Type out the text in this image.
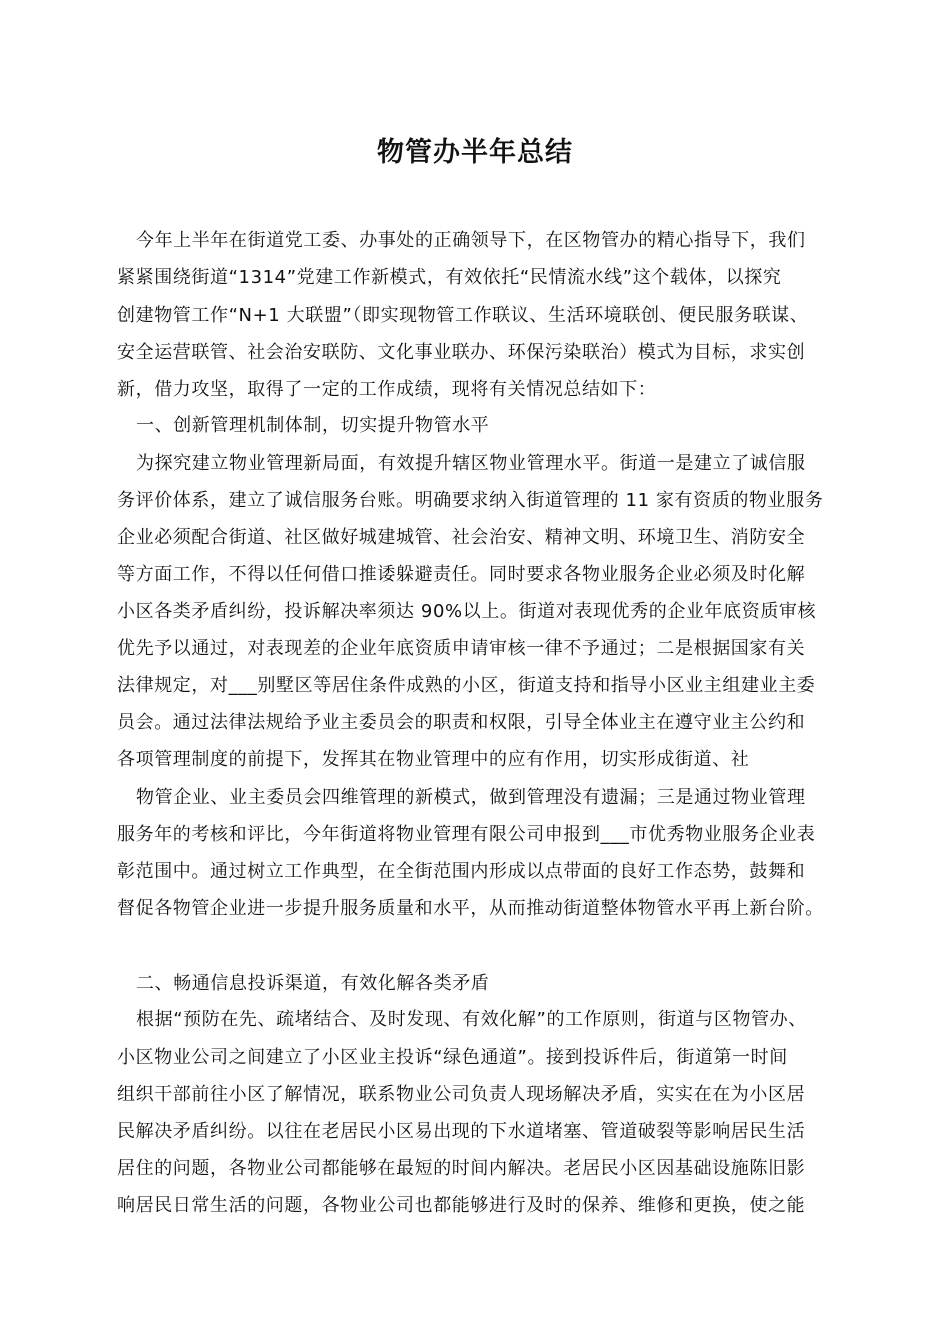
物管办半年总结
今年上半年在街道党工委、办事处的正确领导下，在区物管办的精心指导下，我们
紧紧围绕街道“1314”党建工作新模式，有效依托“民情流水线”这个载体，以探究
创建物管工作“N+1 大联盟”（即实现物管工作联议、生活环境联创、便民服务联谋、
安全运营联管、社会治安联防、文化事业联办、环保污染联治）模式为目标，求实创
新，借力攻坚，取得了一定的工作成绩，现将有关情况总结如下：
一、创新管理机制体制，切实提升物管水平
为探究建立物业管理新局面，有效提升辖区物业管理水平。街道一是建立了诚信服
务评价体系，建立了诚信服务台账。明确要求纳入街道管理的 11 家有资质的物业服务
企业必须配合街道、社区做好城建城管、社会治安、精神文明、环境卫生、消防安全
等方面工作，不得以任何借口推诿躲避责任。同时要求各物业服务企业必须及时化解
小区各类矛盾纠纷，投诉解决率须达 90%以上。街道对表现优秀的企业年底资质审核
优先予以通过，对表现差的企业年底资质申请审核一律不予通过；二是根据国家有关
法律规定，对___别墅区等居住条件成熟的小区，街道支持和指导小区业主组建业主委
员会。通过法律法规给予业主委员会的职责和权限，引导全体业主在遵守业主公约和
各项管理制度的前提下，发挥其在物业管理中的应有作用，切实形成街道、社
物管企业、业主委员会四维管理的新模式，做到管理没有遗漏；三是通过物业管理
服务年的考核和评比，今年街道将物业管理有限公司申报到___市优秀物业服务企业表
彰范围中。通过树立工作典型，在全街范围内形成以点带面的良好工作态势，鼓舞和
督促各物管企业进一步提升服务质量和水平，从而推动街道整体物管水平再上新台阶。
二、畅通信息投诉渠道，有效化解各类矛盾
根据“预防在先、疏堵结合、及时发现、有效化解”的工作原则，街道与区物管办、
小区物业公司之间建立了小区业主投诉“绿色通道”。接到投诉件后，街道第一时间
组织干部前往小区了解情况，联系物业公司负责人现场解决矛盾，实实在在为小区居
民解决矛盾纠纷。以往在老居民小区易出现的下水道堵塞、管道破裂等影响居民生活
居住的问题，各物业公司都能够在最短的时间内解决。老居民小区因基础设施陈旧影
响居民日常生活的问题，各物业公司也都能够进行及时的保养、维修和更换，使之能
